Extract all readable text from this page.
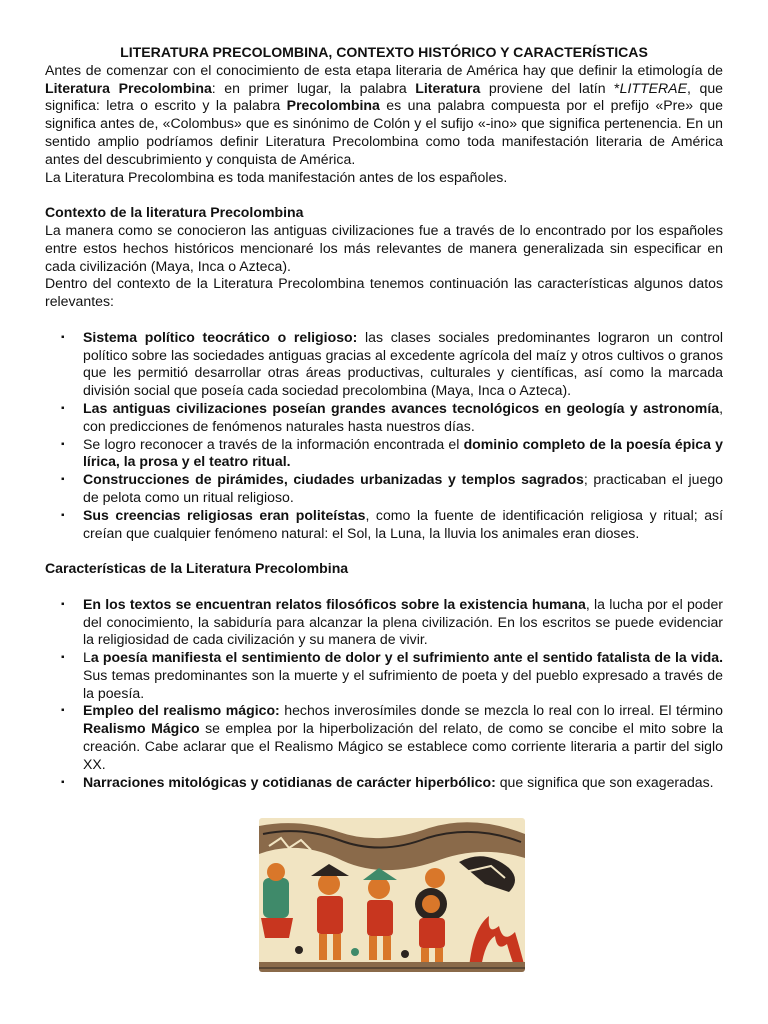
LITERATURA PRECOLOMBINA, CONTEXTO HISTÓRICO Y CARACTERÍSTICAS

Antes de comenzar con el conocimiento de esta etapa literaria de América hay que definir la etimología de Literatura Precolombina: en primer lugar, la palabra Literatura proviene del latín *LITTERAE, que significa: letra o escrito y la palabra Precolombina es una palabra compuesta por el prefijo «Pre» que significa antes de, «Colombus» que es sinónimo de Colón y el sufijo «-ino» que significa pertenencia. En un sentido amplio podríamos definir Literatura Precolombina como toda manifestación literaria de América antes del descubrimiento y conquista de América.

La Literatura Precolombina es toda manifestación antes de los españoles.

Contexto de la literatura Precolombina

La manera como se conocieron las antiguas civilizaciones fue a través de lo encontrado por los españoles entre estos hechos históricos mencionaré los más relevantes de manera generalizada sin especificar en cada civilización (Maya, Inca o Azteca).

Dentro del contexto de la Literatura Precolombina tenemos continuación las características algunos datos relevantes:

▪ Sistema político teocrático o religioso: las clases sociales predominantes lograron un control político sobre las sociedades antiguas gracias al excedente agrícola del maíz y otros cultivos o granos que les permitió desarrollar otras áreas productivas, culturales y científicas, así como la marcada división social que poseía cada sociedad precolombina (Maya, Inca o Azteca).
▪ Las antiguas civilizaciones poseían grandes avances tecnológicos en geología y astronomía, con predicciones de fenómenos naturales hasta nuestros días.
▪ Se logro reconocer a través de la información encontrada el dominio completo de la poesía épica y lírica, la prosa y el teatro ritual.
▪ Construcciones de pirámides, ciudades urbanizadas y templos sagrados; practicaban el juego de pelota como un ritual religioso.
▪ Sus creencias religiosas eran politeístas, como la fuente de identificación religiosa y ritual; así creían que cualquier fenómeno natural: el Sol, la Luna, la lluvia los animales eran dioses.
Características de la Literatura Precolombina
▪ En los textos se encuentran relatos filosóficos sobre la existencia humana, la lucha por el poder del conocimiento, la sabiduría para alcanzar la plena civilización. En los escritos se puede evidenciar la religiosidad de cada civilización y su manera de vivir.
▪ La poesía manifiesta el sentimiento de dolor y el sufrimiento ante el sentido fatalista de la vida. Sus temas predominantes son la muerte y el sufrimiento de poeta y del pueblo expresado a través de la poesía.
▪ Empleo del realismo mágico: hechos inverosímiles donde se mezcla lo real con lo irreal. El término Realismo Mágico se emplea por la hiperbolización del relato, de como se concibe el mito sobre la creación. Cabe aclarar que el Realismo Mágico se establece como corriente literaria a partir del siglo XX.
▪ Narraciones mitológicas y cotidianas de carácter hiperbólico: que significa que son exageradas.
